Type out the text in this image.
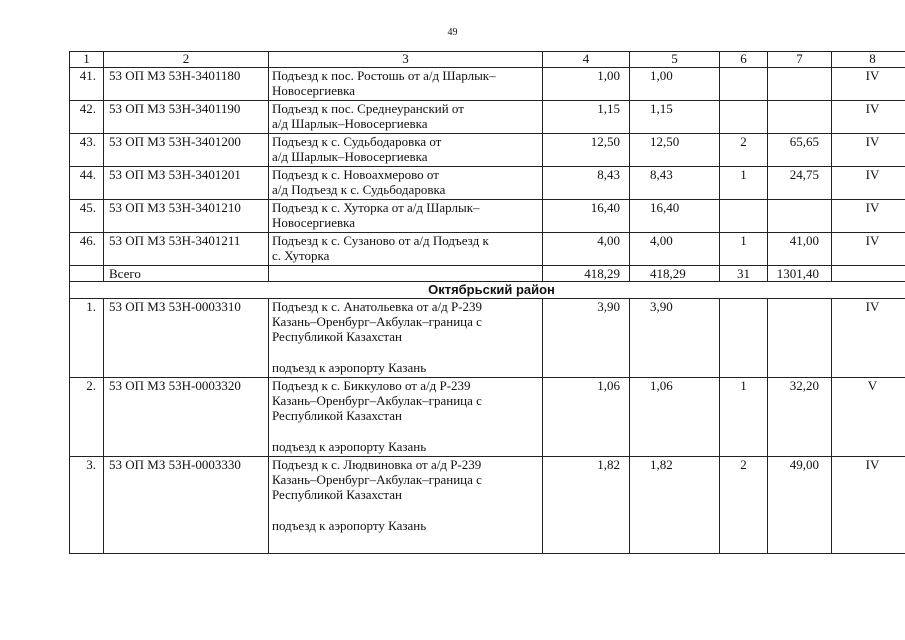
49
1	2	3	4	5	6	7	8
41.	53 ОП МЗ 53Н-3401180	Подъезд к пос. Ростошь от а/д Шарлык–
Новосергиевка	1,00	1,00			IV
42.	53 ОП МЗ 53Н-3401190	Подъезд к пос. Среднеуранский от
а/д Шарлык–Новосергиевка	1,15	1,15			IV
43.	53 ОП МЗ 53Н-3401200	Подъезд к с. Судьбодаровка от
а/д Шарлык–Новосергиевка	12,50	12,50	2	65,65	IV
44.	53 ОП МЗ 53Н-3401201	Подъезд к с. Новоахмерово от
а/д Подъезд к с. Судьбодаровка	8,43	8,43	1	24,75	IV
45.	53 ОП МЗ 53Н-3401210	Подъезд к с. Хуторка от а/д Шарлык–
Новосергиевка	16,40	16,40			IV
46.	53 ОП МЗ 53Н-3401211	Подъезд к с. Сузаново от а/д Подъезд к
с. Хуторка	4,00	4,00	1	41,00	IV
	Всего		418,29	418,29	31	1301,40	
Октябрьский район							
1.	53 ОП МЗ 53Н-0003310	Подъезд к с. Анатольевка от а/д Р-239
Казань–Оренбург–Акбулак–граница с
Республикой Казахстан
подъезд к аэропорту Казань	3,90	3,90			IV
2.	53 ОП МЗ 53Н-0003320	Подъезд к с. Биккулово от а/д Р-239
Казань–Оренбург–Акбулак–граница с
Республикой Казахстан
подъезд к аэропорту Казань	1,06	1,06	1	32,20	V
3.	53 ОП МЗ 53Н-0003330	Подъезд к с. Людвиновка от а/д Р-239
Казань–Оренбург–Акбулак–граница с
Республикой Казахстан
подъезд к аэропорту Казань	1,82	1,82	2	49,00	IV
